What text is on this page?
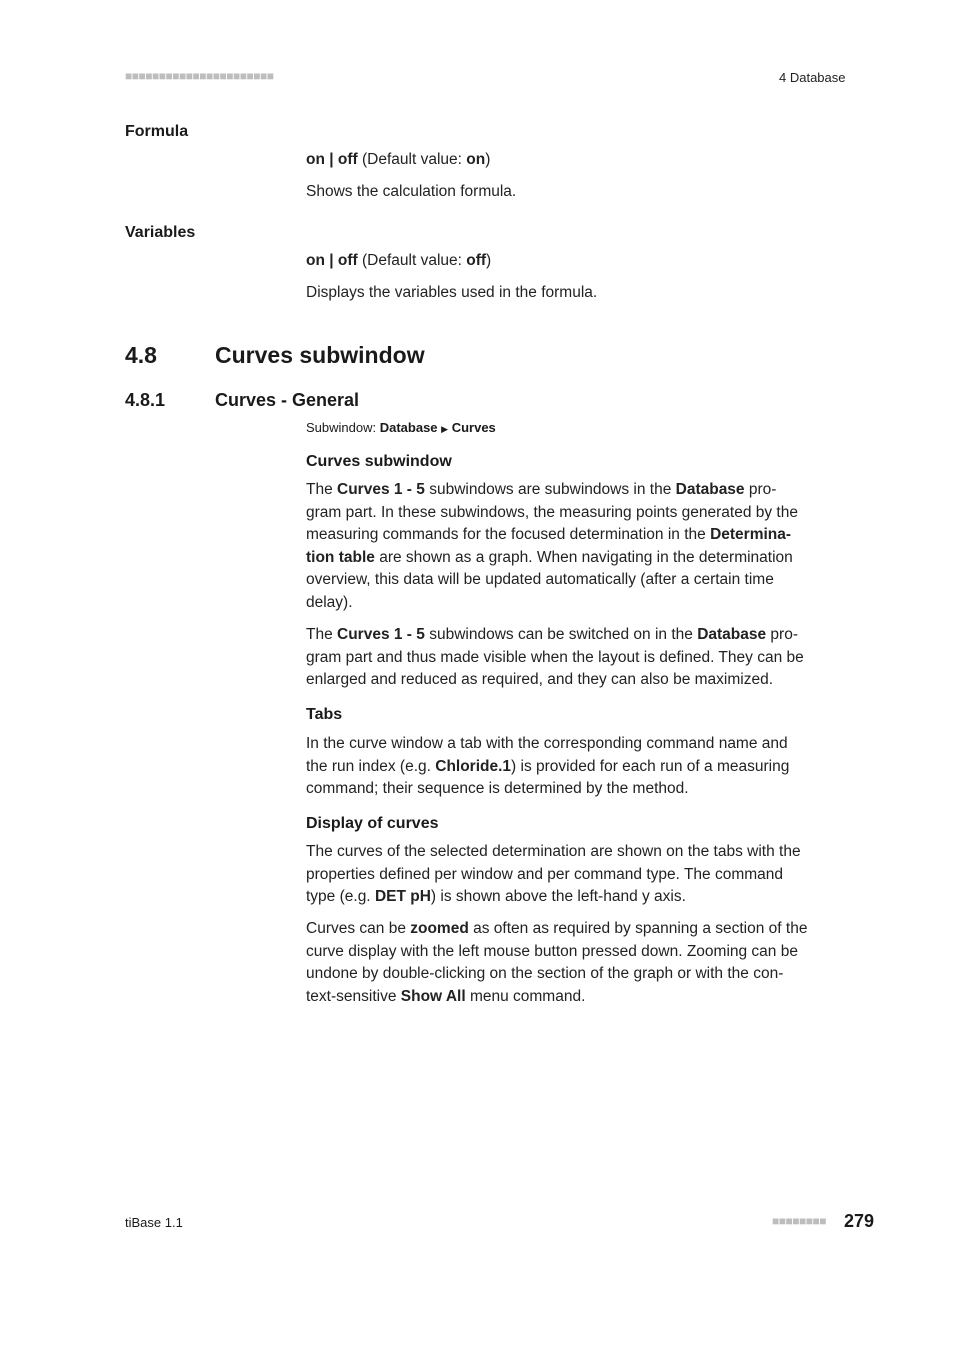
■■■■■■■■■■■■■■■■■■■■■■	4 Database
Formula
on | off (Default value: on)
Shows the calculation formula.
Variables
on | off (Default value: off)
Displays the variables used in the formula.
4.8	Curves subwindow
4.8.1	Curves - General
Subwindow: Database ▶ Curves
Curves subwindow

The Curves 1 - 5 subwindows are subwindows in the Database pro-

gram part. In these subwindows, the measuring points generated by the

measuring commands for the focused determination in the Determina-

tion table are shown as a graph. When navigating in the determination

overview, this data will be updated automatically (after a certain time

delay).

The Curves 1 - 5 subwindows can be switched on in the Database pro-

gram part and thus made visible when the layout is defined. They can be

enlarged and reduced as required, and they can also be maximized.

Tabs

In the curve window a tab with the corresponding command name and

the run index (e.g. Chloride.1) is provided for each run of a measuring

command; their sequence is determined by the method.

Display of curves

The curves of the selected determination are shown on the tabs with the

properties defined per window and per command type. The command

type (e.g. DET pH) is shown above the left-hand y axis.

Curves can be zoomed as often as required by spanning a section of the

curve display with the left mouse button pressed down. Zooming can be

undone by double-clicking on the section of the graph or with the con-

text-sensitive Show All menu command.

tiBase 1.1	■■■■■■■■ 279
